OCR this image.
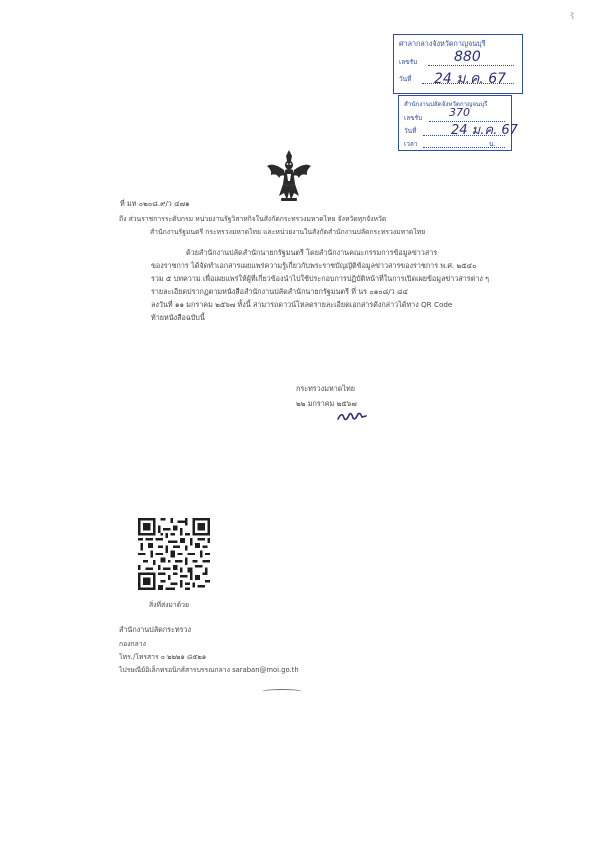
ร้
ศาลากลางจังหวัดกาญจนบุรี
เลขรับ	880
วันที่ 24 ม.ค. 67
สำนักงานปลัดจังหวัดกาญจนบุรี
เลขรับ 370
วันที่	24 ม.ค. 67
เวลา	น.
ที่ มท ๐๒๐๘.๙/ว ๔๗๑
ถึง ส่วนราชการระดับกรม หน่วยงานรัฐวิสาหกิจในสังกัดกระทรวงมหาดไทย จังหวัดทุกจังหวัด
สำนักงานรัฐมนตรี กระทรวงมหาดไทย และหน่วยงานในสังกัดสำนักงานปลัดกระทรวงมหาดไทย
ด้วยสำนักงานปลัดสำนักนายกรัฐมนตรี โดยสำนักงานคณะกรรมการข้อมูลข่าวสาร
ของราชการ ได้จัดทำเอกสารเผยแพร่ความรู้เกี่ยวกับพระราชบัญญัติข้อมูลข่าวสารของราชการ พ.ศ. ๒๕๔๐
รวม ๕ บทความ เพื่อเผยแพร่ให้ผู้ที่เกี่ยวข้องนำไปใช้ประกอบการปฏิบัติหน้าที่ในการเปิดเผยข้อมูลข่าวสารต่าง ๆ
รายละเอียดปรากฏตามหนังสือสำนักงานปลัดสำนักนายกรัฐมนตรี ที่ นร ๐๑๐๘/ว ๘๔
ลงวันที่ ๑๑ มกราคม ๒๕๖๗ ทั้งนี้ สามารถดาวน์โหลดรายละเอียดเอกสารดังกล่าวได้ทาง QR Code
ท้ายหนังสือฉบับนี้
กระทรวงมหาดไทย
๒๒ มกราคม ๒๕๖๗
สิ่งที่ส่งมาด้วย
สำนักงานปลัดกระทรวง
กองกลาง
โทร./โทรสาร ๐ ๒๒๒๑ ๘๕๒๑
ไปรษณีย์อิเล็กทรอนิกส์สารบรรณกลาง saraban@moi.go.th
